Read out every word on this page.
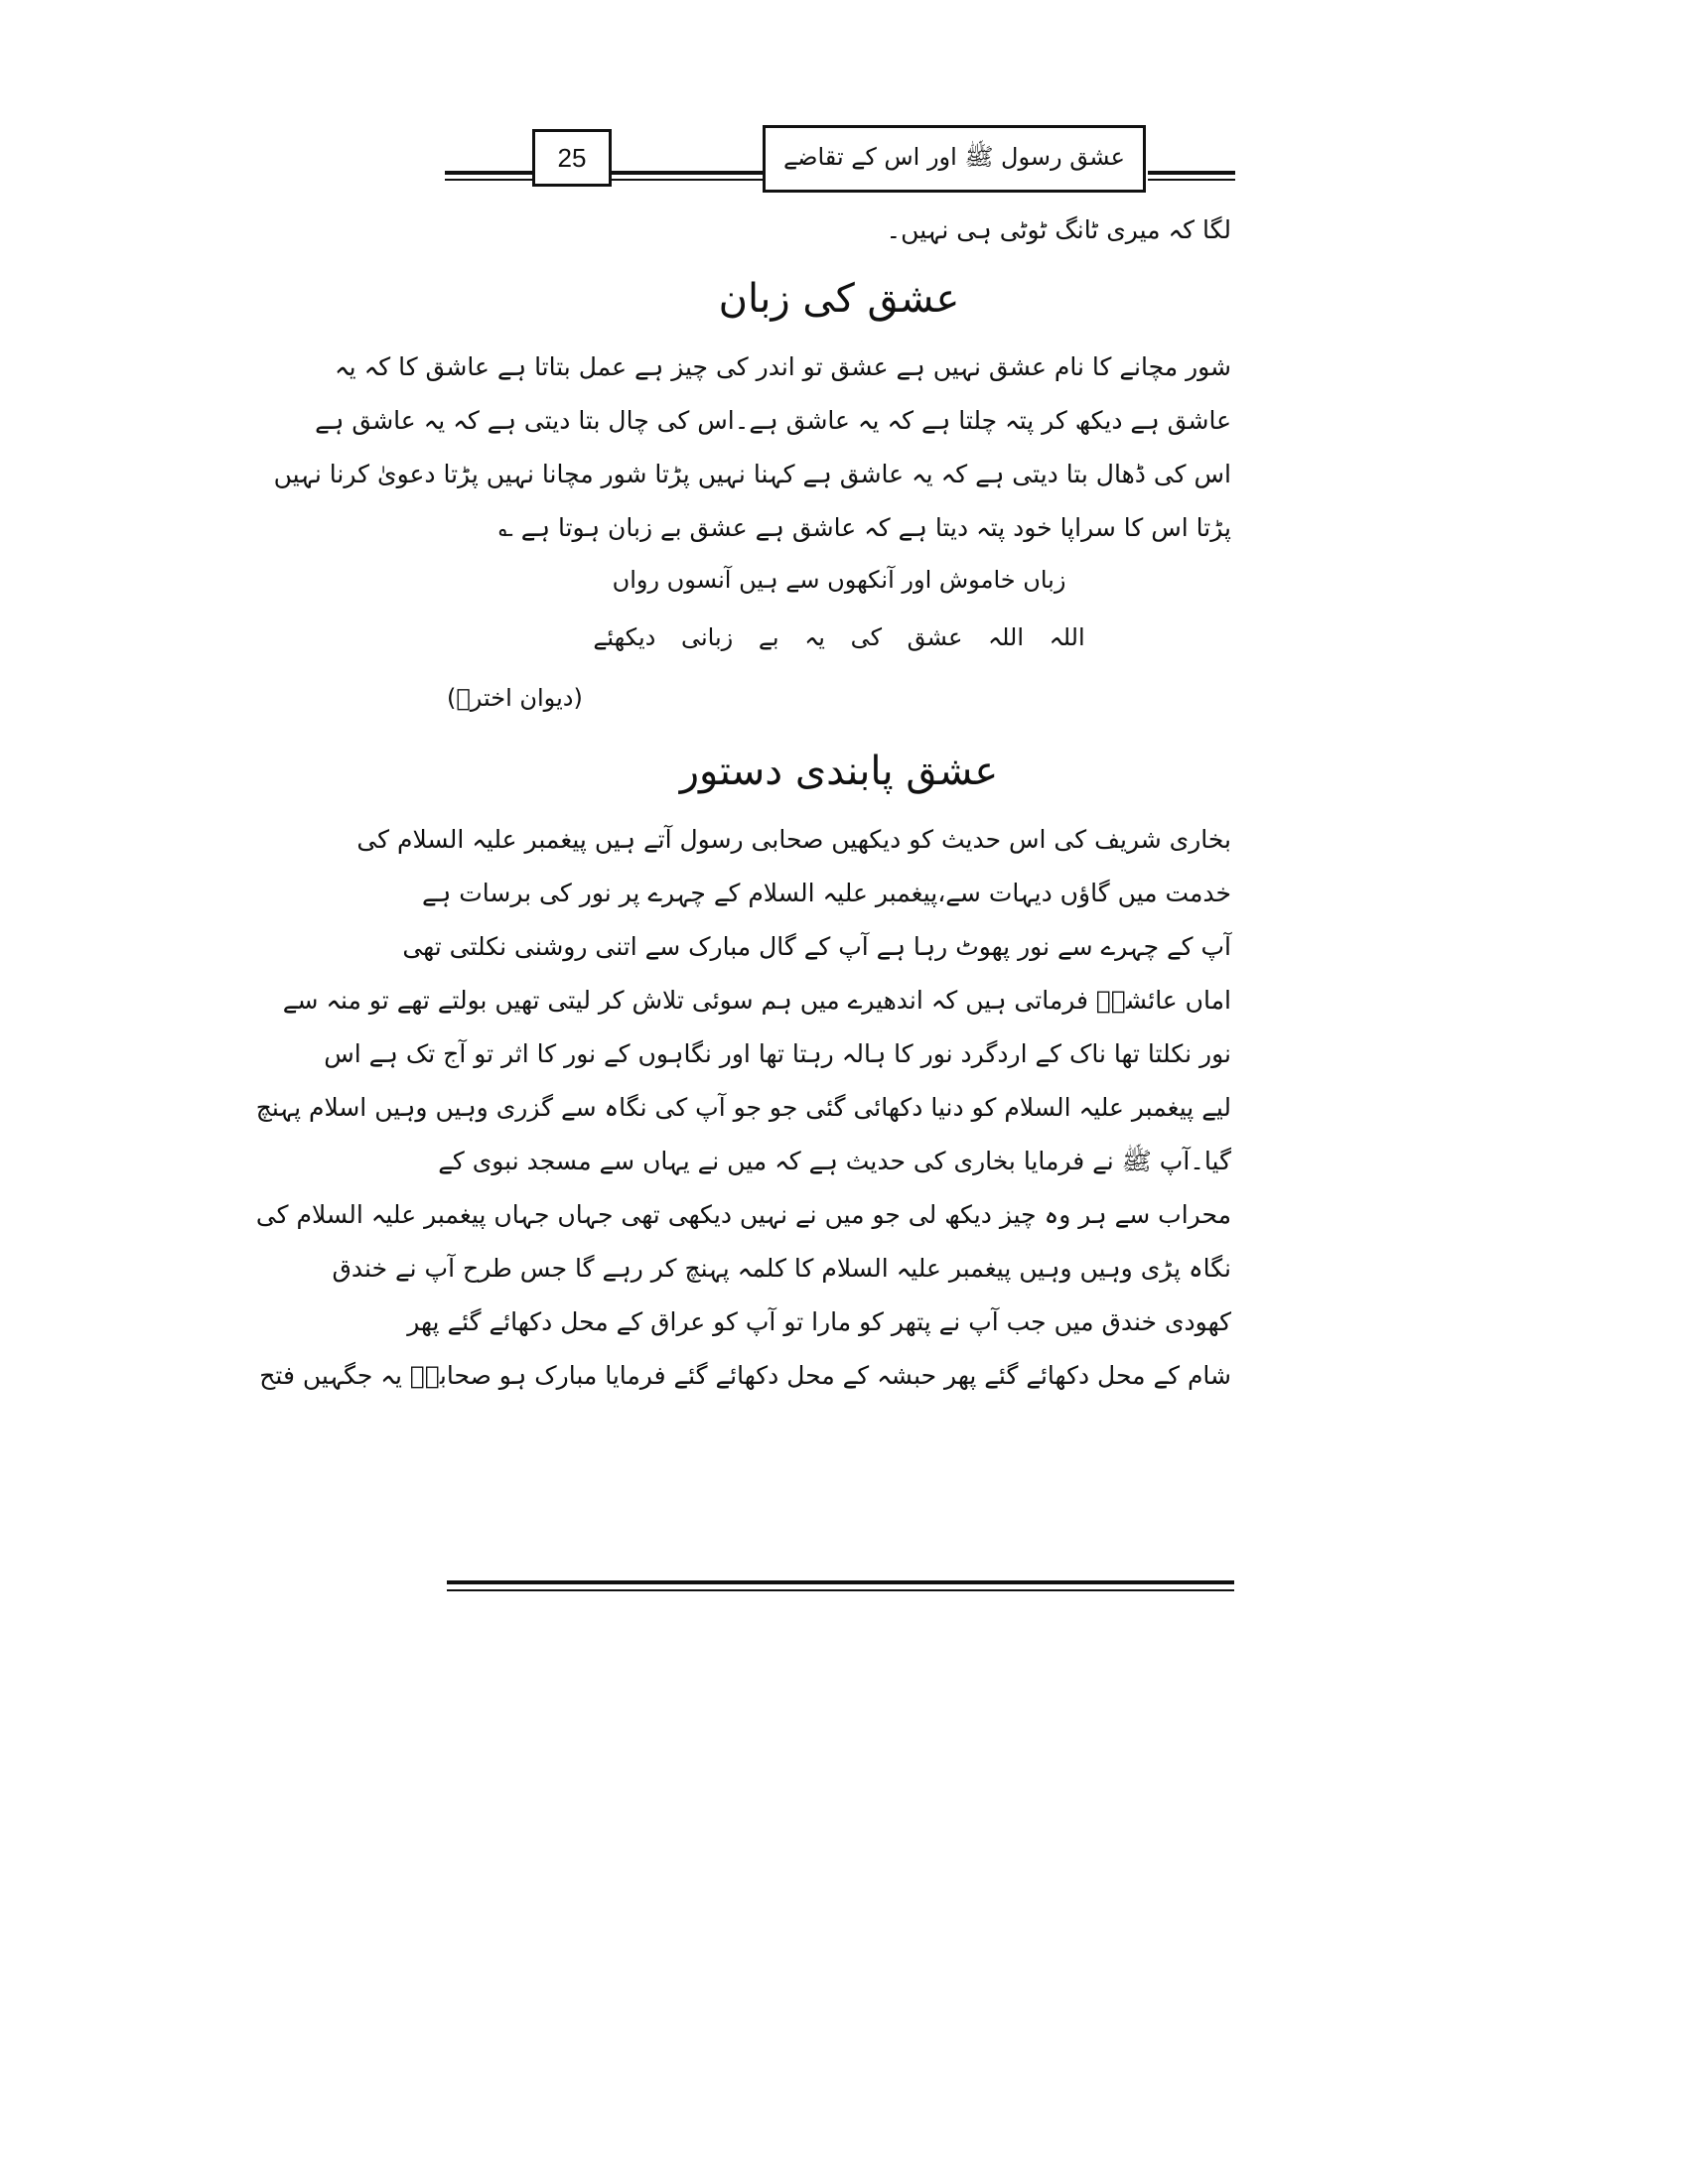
25	عشق رسول ﷺ اور اس کے تقاضے
لگا کہ میری ٹانگ ٹوٹی ہی نہیں۔
عشق کی زبان
شور مچانے کا نام عشق نہیں ہے عشق تو اندر کی چیز ہے عمل بتاتا ہے عاشق کا کہ یہ
عاشق ہے دیکھ کر پتہ چلتا ہے کہ یہ عاشق ہے۔اس کی چال بتا دیتی ہے کہ یہ عاشق ہے
اس کی ڈھال بتا دیتی ہے کہ یہ عاشق ہے کہنا نہیں پڑتا شور مچانا نہیں پڑتا دعویٰ کرنا نہیں
پڑتا اس کا سراپا خود پتہ دیتا ہے کہ عاشق ہے عشق بے زبان ہوتا ہے ؎
زباں خاموش اور آنکھوں سے ہیں آنسوں رواں
اللہ اللہ عشق کی یہ بے زبانی دیکھئے
(دیوان اخترؒ)
عشق پابندی دستور
بخاری شریف کی اس حدیث کو دیکھیں صحابی رسول آتے ہیں پیغمبر علیہ السلام کی
خدمت میں گاؤں دیہات سے،پیغمبر علیہ السلام کے چہرے پر نور کی برسات ہے
آپ کے چہرے سے نور پھوٹ رہا ہے آپ کے گال مبارک سے اتنی روشنی نکلتی تھی
اماں عائشہؓ فرماتی ہیں کہ اندھیرے میں ہم سوئی تلاش کر لیتی تھیں بولتے تھے تو منہ سے
نور نکلتا تھا ناک کے اردگرد نور کا ہالہ رہتا تھا اور نگاہوں کے نور کا اثر تو آج تک ہے اس
لیے پیغمبر علیہ السلام کو دنیا دکھائی گئی جو جو آپ کی نگاہ سے گزری وہیں وہیں اسلام پہنچ
گیا۔آپ ﷺ نے فرمایا بخاری کی حدیث ہے کہ میں نے یہاں سے مسجد نبوی کے
محراب سے ہر وہ چیز دیکھ لی جو میں نے نہیں دیکھی تھی جہاں جہاں پیغمبر علیہ السلام کی
نگاہ پڑی وہیں وہیں پیغمبر علیہ السلام کا کلمہ پہنچ کر رہے گا جس طرح آپ نے خندق
کھودی خندق میں جب آپ نے پتھر کو مارا تو آپ کو عراق کے محل دکھائے گئے پھر
شام کے محل دکھائے گئے پھر حبشہ کے محل دکھائے گئے فرمایا مبارک ہو صحابہؓ یہ جگہیں فتح
